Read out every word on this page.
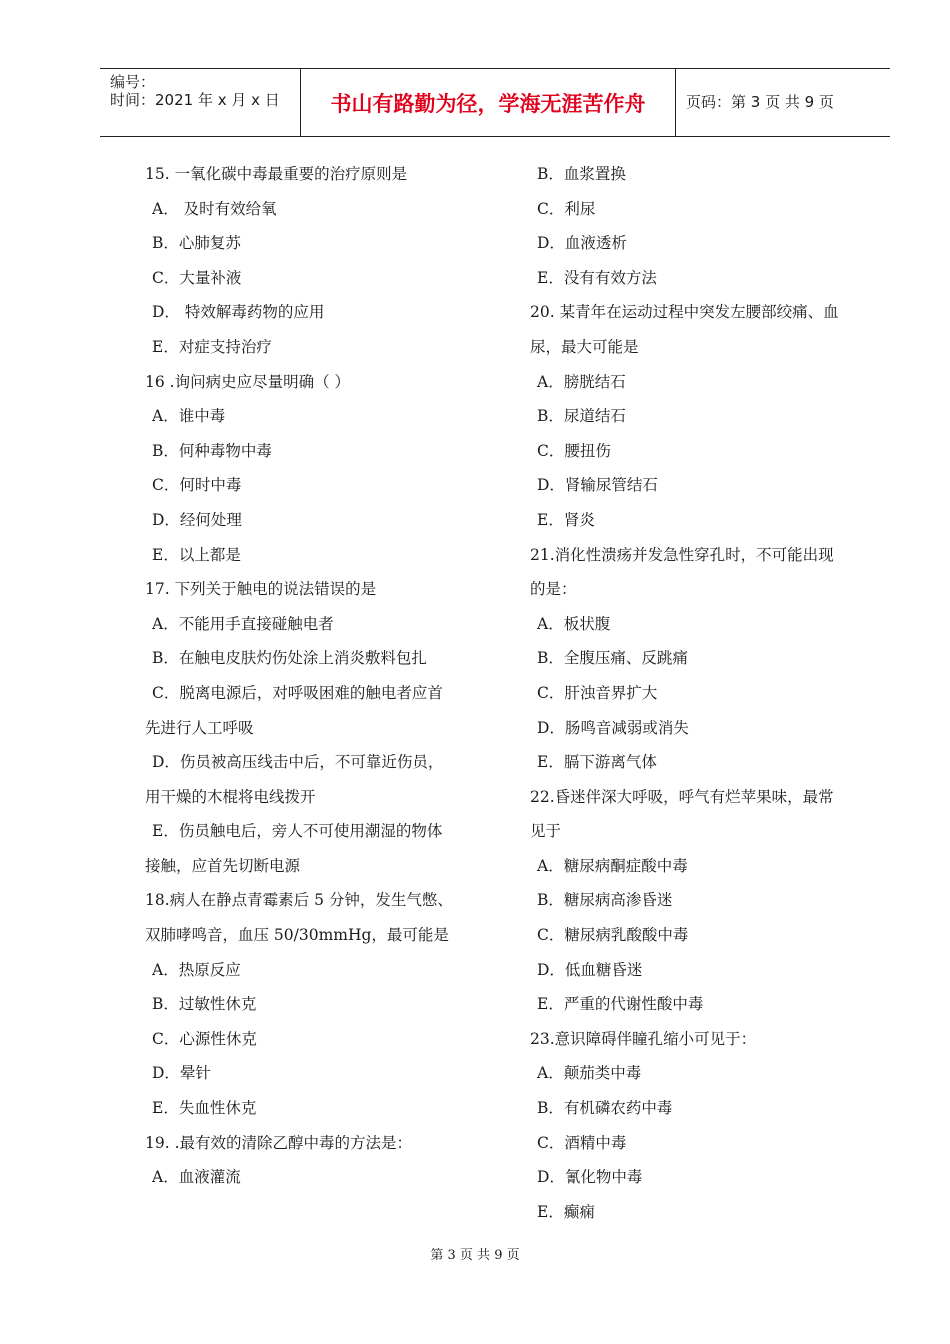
编号：
时间：2021 年 x 月 x 日	书山有路勤为径，学海无涯苦作舟	页码：第 3 页 共 9 页
15. 一氧化碳中毒最重要的治疗原则是
A． 及时有效给氧
B．心肺复苏
C．大量补液
D． 特效解毒药物的应用
E．对症支持治疗
16 .询问病史应尽量明确（ ）
A．谁中毒
B．何种毒物中毒
C．何时中毒
D．经何处理
E．以上都是
17. 下列关于触电的说法错误的是
A．不能用手直接碰触电者
B．在触电皮肤灼伤处涂上消炎敷料包扎
C．脱离电源后，对呼吸困难的触电者应首
先进行人工呼吸
D．伤员被高压线击中后，不可靠近伤员，
用干燥的木棍将电线拨开
E．伤员触电后，旁人不可使用潮湿的物体
接触，应首先切断电源
18.病人在静点青霉素后 5 分钟，发生气憋、
双肺哮鸣音，血压 50/30mmHg，最可能是
A．热原反应
B．过敏性休克
C．心源性休克
D．晕针
E．失血性休克
19. .最有效的清除乙醇中毒的方法是：
A．血液灌流
B．血浆置换
C．利尿
D．血液透析
E．没有有效方法
20. 某青年在运动过程中突发左腰部绞痛、血
尿，最大可能是
A．膀胱结石
B．尿道结石
C．腰扭伤
D．肾输尿管结石
E．肾炎
21.消化性溃疡并发急性穿孔时，不可能出现
的是：
A．板状腹
B．全腹压痛、反跳痛
C．肝浊音界扩大
D．肠鸣音减弱或消失
E．膈下游离气体
22.昏迷伴深大呼吸，呼气有烂苹果味，最常
见于
A．糖尿病酮症酸中毒
B．糖尿病高渗昏迷
C．糖尿病乳酸酸中毒
D．低血糖昏迷
E．严重的代谢性酸中毒
23.意识障碍伴瞳孔缩小可见于：
A．颠茄类中毒
B．有机磷农药中毒
C．酒精中毒
D．氰化物中毒
E．癫痫
第 3 页 共 9 页
